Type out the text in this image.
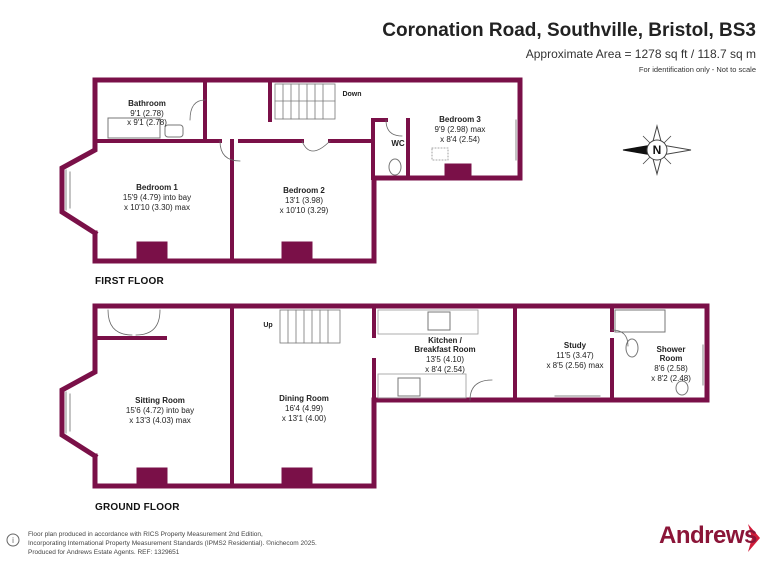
Coronation Road, Southville, Bristol, BS3
Approximate Area = 1278 sq ft / 118.7 sq m
For identification only - Not to scale
N
Bathroom
9'1 (2.78)
x 9'1 (2.78)
Bedroom 1
15'9 (4.79) into bay
x 10'10 (3.30) max
Bedroom 2
13'1 (3.98)
x 10'10 (3.29)
Bedroom 3
9'9 (2.98) max
x 8'4 (2.54)
WC
Down
Sitting Room
15'6 (4.72) into bay
x 13'3 (4.03) max
Dining Room
16'4 (4.99)
x 13'1 (4.00)
Kitchen /
Breakfast Room
13'5 (4.10)
x 8'4 (2.54)
Study
11'5 (3.47)
x 8'5 (2.56) max
Shower
Room
8'6 (2.58)
x 8'2 (2.48)
Up
i
FIRST FLOOR
GROUND FLOOR
Floor plan produced in accordance with RICS Property Measurement 2nd Edition,
Incorporating International Property Measurement Standards (IPMS2 Residential). ©nichecom 2025.
Produced for Andrews Estate Agents. REF: 1329651
Andrews
